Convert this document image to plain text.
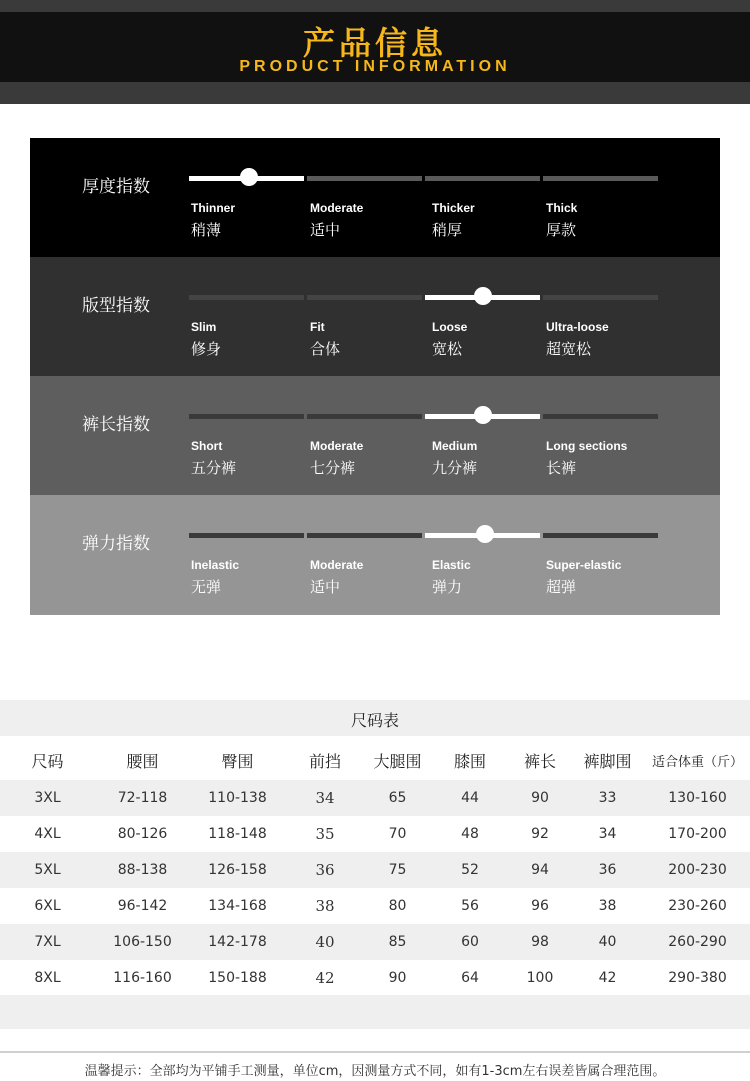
产品信息
PRODUCT INFORMATION
厚度指数
Thinner
稍薄
Moderate
适中
Thicker
稍厚
Thick
厚款
版型指数
Slim
修身
Fit
合体
Loose
宽松
Ultra-loose
超宽松
裤长指数
Short
五分裤
Moderate
七分裤
Medium
九分裤
Long sections
长裤
弹力指数
Inelastic
无弹
Moderate
适中
Elastic
弹力
Super-elastic
超弹
尺码表
尺码	腰围	臀围	前挡	大腿围	膝围	裤长	裤脚围	适合体重（斤）
3XL	72-118	110-138	34	65	44	90	33	130-160
4XL	80-126	118-148	35	70	48	92	34	170-200
5XL	88-138	126-158	36	75	52	94	36	200-230
6XL	96-142	134-168	38	80	56	96	38	230-260
7XL	106-150	142-178	40	85	60	98	40	260-290
8XL	116-160	150-188	42	90	64	100	42	290-380
温馨提示：全部均为平铺手工测量，单位cm，因测量方式不同，如有1-3cm左右误差皆属合理范围。
